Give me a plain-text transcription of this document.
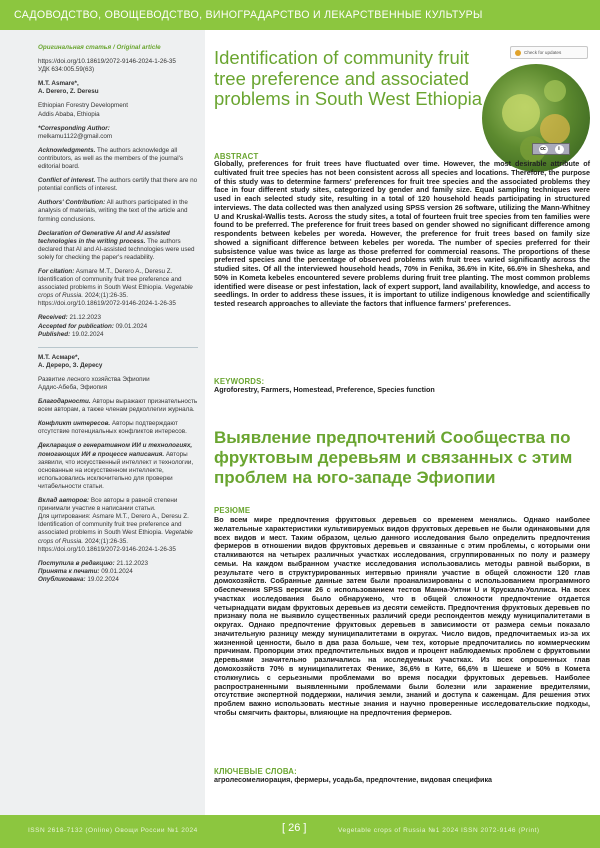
САДОВОДСТВО, ОВОЩЕВОДСТВО, ВИНОГРАДАРСТВО И ЛЕКАРСТВЕННЫЕ КУЛЬТУРЫ

Оригинальная статья / Original article

https://doi.org/10.18619/2072-9146-2024-1-26-35

УДК 634:005.59(63)

M.T. Asmare*,

A. Derero, Z. Deresu

Ethiopian Forestry Development

Addis Ababa, Ethiopia

*Corresponding Author:

melkamu1122@gmail.com

Acknowledgments. The authors acknowledge all contributors, as well as the members of the journal's editorial board.

Conflict of interest. The authors certify that there are no potential conflicts of interest.

Authors' Contribution: All authors participated in the analysis of materials, writing the text of the article and forming conclusions.

Declaration of Generative AI and AI assisted technologies in the writing process. The authors declared that AI and AI-assisted technologies were used solely for checking the paper's readability.

For citation: Asmare M.T., Derero A., Deresu Z. Identification of community fruit tree preference and associated problems in South West Ethiopia. Vegetable crops of Russia. 2024;(1):26-35. https://doi.org/10.18619/2072-9146-2024-1-26-35

Received: 21.12.2023

Accepted for publication: 09.01.2024

Published: 19.02.2024

М.Т. Асмаре*,

А. Дереро, З. Дересу

Развитие лесного хозяйства Эфиопии

Аддис-Абеба, Эфиопия

Благодарности. Авторы выражают признательность всем авторам, а также членам редколлегии журнала.

Конфликт интересов. Авторы подтверждают отсутствие потенциальных конфликтов интересов.

Декларация о генеративном ИИ и технологиях, помогающих ИИ в процессе написания. Авторы заявили, что искусственный интеллект и технологии, основанные на искусственном интеллекте, использовались исключительно для проверки читабельности статьи.

Вклад авторов: Все авторы в равной степени принимали участие в написании статьи.

Для цитирования: Asmare M.T., Derero A., Deresu Z. Identification of community fruit tree preference and associated problems in South West Ethiopia. Vegetable crops of Russia. 2024;(1):26-35. https://doi.org/10.18619/2072-9146-2024-1-26-35

Поступила в редакцию: 21.12.2023

Принята к печати: 09.01.2024

Опубликована: 19.02.2024

Identification of community fruit tree preference and associated problems in South West Ethiopia
Check for updates
cc	i
ABSTRACT

Globally, preferences for fruit trees have fluctuated over time. However, the most desirable attribute of cultivated fruit tree species has not been consistent across all species and locations. Therefore, the purpose of this study was to determine farmers' preferences for fruit tree species and the associated problems they face in four different study sites, categorized by gender and family size. Equal sampling techniques were used in each selected study site, resulting in a total of 120 household heads participating in structured interviews. The data collected was then analyzed using SPSS version 26 software, utilizing the Mann-Whitney U and Kruskal-Wallis tests. Across the study sites, a total of fourteen fruit tree species from ten families were found to be preferred. The preference for fruit trees based on gender showed no significant difference among respondents between kebeles per woreda. However, the preference for fruit trees based on family size showed a significant difference between kebeles per woreda. The number of species preferred for their subsistence value was twice as large as those preferred for commercial reasons. The proportions of these preferred species and the percentage of observed problems with fruit trees varied significantly across the studied sites. Of all the interviewed household heads, 70% in Fenika, 36.6% in Kite, 66.6% in Shesheka, and 50% in Kometa kebeles encountered severe problems during fruit tree planting. The most common problems identified were disease or pest infestation, lack of expert support, land availability, knowledge, and access to seedlings. In order to address these issues, it is important to utilize indigenous knowledge and scientifically tested research approaches to alleviate the factors that influence farmers' preferences.

KEYWORDS:

Agroforestry, Farmers, Homestead, Preference, Species function

Выявление предпочтений Сообщества по фруктовым деревьям и связанных с этим проблем на юго-западе Эфиопии
РЕЗЮМЕ

Во всем мире предпочтения фруктовых деревьев со временем менялись. Однако наиболее желательные характеристики культивируемых видов фруктовых деревьев не были одинаковыми для всех видов и мест. Таким образом, целью данного исследования было определить предпочтения фермеров в отношении видов фруктовых деревьев и связанные с этим проблемы, с которыми они сталкиваются на четырех различных участках исследования, сгруппированных по полу и размеру семьи. На каждом выбранном участке исследования использовались методы равной выборки, в результате чего в структурированных интервью приняли участие в общей сложности 120 глав домохозяйств. Собранные данные затем были проанализированы с использованием программного обеспечения SPSS версии 26 с использованием тестов Манна-Уитни U и Крускала-Уоллиса. На всех участках исследования было обнаружено, что в общей сложности предпочтение отдается четырнадцати видам фруктовых деревьев из десяти семейств. Предпочтения фруктовых деревьев по признаку пола не выявило существенных различий среди респондентов между муниципалитетами в округах. Однако предпочтение фруктовых деревьев в зависимости от размера семьи показало значительную разницу между муниципалитетами в округах. Число видов, предпочитаемых из-за их жизненной ценности, было в два раза больше, чем тех, которые предпочитались по коммерческим причинам. Пропорции этих предпочтительных видов и процент наблюдаемых проблем с фруктовыми деревьями значительно различались на исследуемых участках. Из всех опрошенных глав домохозяйств 70% в муниципалитетах Фенике, 36,6% в Ките, 66,6% в Шешеке и 50% в Комета столкнулись с серьезными проблемами во время посадки фруктовых деревьев. Наиболее распространенными выявленными проблемами были болезни или заражение вредителями, отсутствие экспертной поддержки, наличия земли, знаний и доступа к саженцам. Для решения этих проблем важно использовать местные знания и научно проверенные исследовательские подходы, чтобы смягчить факторы, влияющие на предпочтения фермеров.

КЛЮЧЕВЫЕ СЛОВА:

агролесомелиорация, фермеры, усадьба, предпочтение, видовая специфика

ISSN 2618-7132 (Online) Овощи России №1 2024	[ 26 ]	Vegetable crops of Russia №1 2024 ISSN 2072-9146 (Print)
